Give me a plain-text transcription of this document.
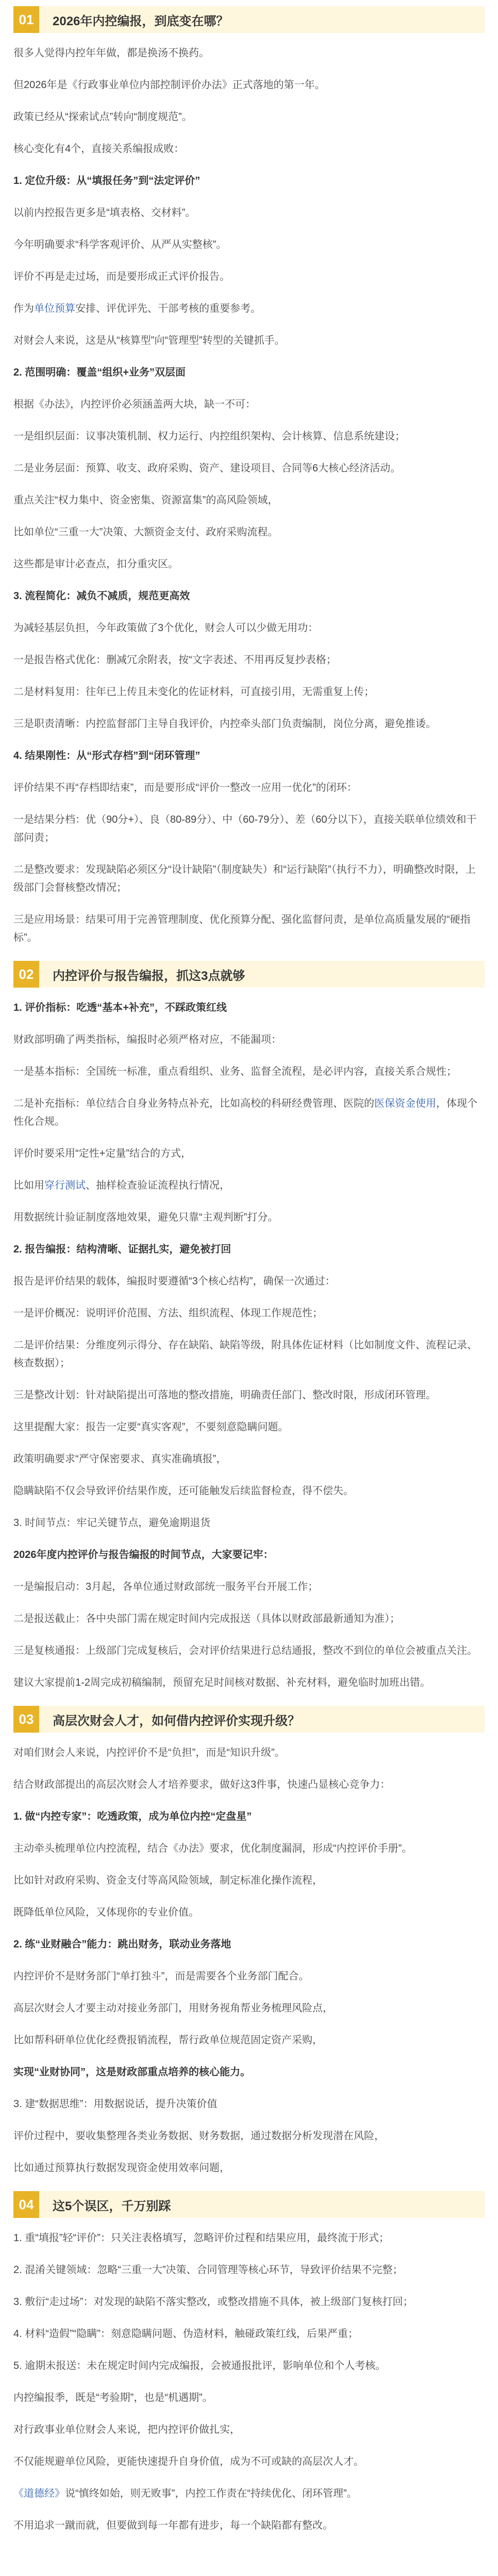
01	2026年内控编报，到底变在哪？

很多人觉得内控年年做，都是换汤不换药。

但2026年是《行政事业单位内部控制评价办法》正式落地的第一年。

政策已经从“探索试点”转向“制度规范”。

核心变化有4个，直接关系编报成败：

1. 定位升级：从“填报任务”到“法定评价”

以前内控报告更多是“填表格、交材料”。

今年明确要求“科学客观评价、从严从实整核”。

评价不再是走过场，而是要形成正式评价报告。

作为单位预算安排、评优评先、干部考核的重要参考。

对财会人来说，这是从“核算型”向“管理型”转型的关键抓手。

2. 范围明确：覆盖“组织+业务”双层面

根据《办法》，内控评价必须涵盖两大块，缺一不可：

一是组织层面：议事决策机制、权力运行、内控组织架构、会计核算、信息系统建设；

二是业务层面：预算、收支、政府采购、资产、建设项目、合同等6大核心经济活动。

重点关注“权力集中、资金密集、资源富集”的高风险领域，

比如单位“三重一大”决策、大额资金支付、政府采购流程。

这些都是审计必查点，扣分重灾区。

3. 流程简化：减负不减质，规范更高效

为减轻基层负担，今年政策做了3个优化，财会人可以少做无用功：

一是报告格式优化：删减冗余附表，按“文字表述、不用再反复抄表格；

二是材料复用：往年已上传且未变化的佐证材料，可直接引用，无需重复上传；

三是职责清晰：内控监督部门主导自我评价，内控牵头部门负责编制，岗位分离，避免推诿。

4. 结果刚性：从“形式存档”到“闭环管理”

评价结果不再“存档即结束”，而是要形成“评价一整改一应用一优化”的闭环：

一是结果分档：优（90分+）、良（80-89分）、中（60-79分）、差（60分以下），直接关联单位绩效和干部问责；

二是整改要求：发现缺陷必须区分“设计缺陷”（制度缺失）和“运行缺陷”（执行不力），明确整改时限，上级部门会督核整改情况；

三是应用场景：结果可用于完善管理制度、优化预算分配、强化监督问责，是单位高质量发展的“硬指标”。

02	内控评价与报告编报，抓这3点就够

1. 评价指标：吃透“基本+补充”，不踩政策红线

财政部明确了两类指标，编报时必须严格对应，不能漏项：

一是基本指标：全国统一标准，重点看组织、业务、监督全流程，是必评内容，直接关系合规性；

二是补充指标：单位结合自身业务特点补充，比如高校的科研经费管理、医院的医保资金使用，体现个性化合规。

评价时要采用“定性+定量”结合的方式，

比如用穿行测试、抽样检查验证流程执行情况，

用数据统计验证制度落地效果，避免只靠“主观判断”打分。

2. 报告编报：结构清晰、证据扎实，避免被打回

报告是评价结果的载体，编报时要遵循“3个核心结构”，确保一次通过：

一是评价概况：说明评价范围、方法、组织流程、体现工作规范性；

二是评价结果：分维度列示得分、存在缺陷、缺陷等级，附具体佐证材料（比如制度文件、流程记录、核查数据）；

三是整改计划：针对缺陷提出可落地的整改措施，明确责任部门、整改时限，形成闭环管理。

这里提醒大家：报告一定要“真实客观”，不要刻意隐瞒问题。

政策明确要求“严守保密要求、真实准确填报”，

隐瞒缺陷不仅会导致评价结果作废，还可能触发后续监督检查，得不偿失。

3. 时间节点：牢记关键节点，避免逾期退货

2026年度内控评价与报告编报的时间节点，大家要记牢：

一是编报启动：3月起，各单位通过财政部统一服务平台开展工作；

二是报送截止：各中央部门需在规定时间内完成报送（具体以财政部最新通知为准）；

三是复核通报：上级部门完成复核后，会对评价结果进行总结通报，整改不到位的单位会被重点关注。

建议大家提前1-2周完成初稿编制，预留充足时间核对数据、补充材料，避免临时加班出错。

03	高层次财会人才，如何借内控评价实现升级？

对咱们财会人来说，内控评价不是“负担”，而是“知识升级”。

结合财政部提出的高层次财会人才培养要求，做好这3件事，快速凸显核心竞争力：

1. 做“内控专家”：吃透政策，成为单位内控“定盘星”

主动牵头梳理单位内控流程，结合《办法》要求，优化制度漏洞，形成“内控评价手册”。

比如针对政府采购、资金支付等高风险领域，制定标准化操作流程，

既降低单位风险，又体现你的专业价值。

2. 练“业财融合”能力：跳出财务，联动业务落地

内控评价不是财务部门“单打独斗”，而是需要各个业务部门配合。

高层次财会人才要主动对接业务部门，用财务视角帮业务梳理风险点，

比如帮科研单位优化经费报销流程，帮行政单位规范固定资产采购，

实现“业财协同”，这是财政部重点培养的核心能力。

3. 建“数据思维”：用数据说话，提升决策价值

评价过程中，要收集整理各类业务数据、财务数据，通过数据分析发现潜在风险，

比如通过预算执行数据发现资金使用效率问题，

04	这5个误区，千万别踩

1. 重“填报”轻“评价”：只关注表格填写，忽略评价过程和结果应用，最终流于形式；

2. 混淆关键领域：忽略“三重一大”决策、合同管理等核心环节，导致评价结果不完整；

3. 敷衍“走过场”：对发现的缺陷不落实整改，或整改措施不具体，被上级部门复核打回；

4. 材料“造假”“隐瞒”：刻意隐瞒问题、伪造材料，触碰政策红线，后果严重；

5. 逾期未报送：未在规定时间内完成编报，会被通报批评，影响单位和个人考核。

内控编报季，既是“考验期”，也是“机遇期”。

对行政事业单位财会人来说，把内控评价做扎实，

不仅能规避单位风险，更能快速提升自身价值，成为不可或缺的高层次人才。

《道德经》说“慎终如始，则无败事”，内控工作责在“持续优化、闭环管理”。

不用追求一蹴而就，但要做到每一年都有进步，每一个缺陷都有整改。
